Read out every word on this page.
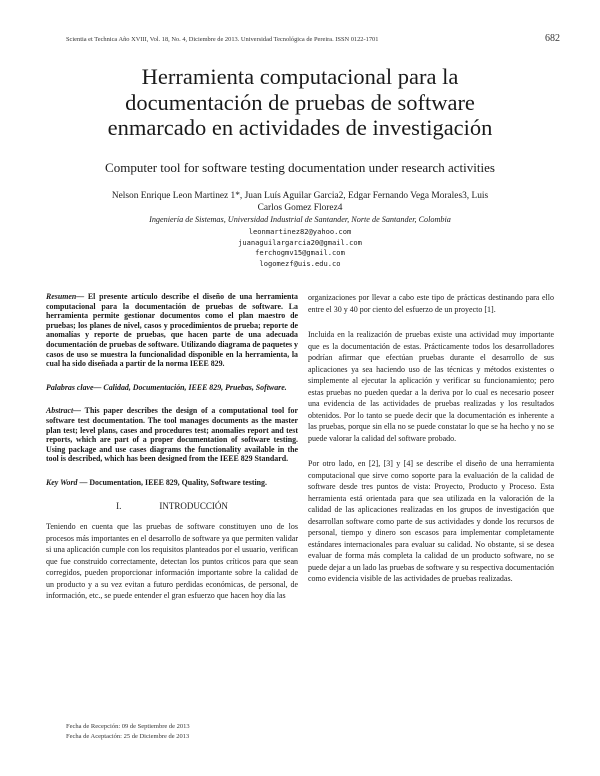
Scientia et Technica Año XVIII, Vol. 18, No. 4, Diciembre de 2013. Universidad Tecnológica de Pereira. ISSN 0122-1701	682
Herramienta computacional para la
documentación de pruebas de software
enmarcado en actividades de investigación
Computer tool for software testing documentation under research activities
Nelson Enrique Leon Martinez 1*, Juan Luís Aguilar Garcia2, Edgar Fernando Vega Morales3, Luis
Carlos Gomez Florez4
Ingeniería de Sistemas, Universidad Industrial de Santander, Norte de Santander, Colombia
leonmartinez82@yahoo.com
juanaguilargarcia20@gmail.com
ferchogmv15@gmail.com
logomezf@uis.edu.co

Resumen— El presente artículo describe el diseño de una herramienta computacional para la documentación de pruebas de software. La herramienta permite gestionar documentos como el plan maestro de pruebas; los planes de nivel, casos y procedimientos de prueba; reporte de anomalías y reporte de pruebas, que hacen parte de una adecuada documentación de pruebas de software. Utilizando diagrama de paquetes y casos de uso se muestra la funcionalidad disponible en la herramienta, la cual ha sido diseñada a partir de la norma IEEE 829.

Palabras clave— Calidad, Documentación, IEEE 829, Pruebas, Software.

Abstract— This paper describes the design of a computational tool for software test documentation. The tool manages documents as the master plan test; level plans, cases and procedures test; anomalies report and test reports, which are part of a proper documentation of software testing. Using package and use cases diagrams the functionality available in the tool is described, which has been designed from the IEEE 829 Standard.

Key Word — Documentation, IEEE 829, Quality, Software testing.

I.	INTRODUCCIÓN

Teniendo en cuenta que las pruebas de software constituyen uno de los procesos más importantes en el desarrollo de software ya que permiten validar si una aplicación cumple con los requisitos planteados por el usuario, verifican que fue construido correctamente, detectan los puntos críticos para que sean corregidos, pueden proporcionar información importante sobre la calidad de un producto y a su vez evitan a futuro perdidas económicas, de personal, de información, etc., se puede entender el gran esfuerzo que hacen hoy día las

organizaciones por llevar a cabo este tipo de prácticas destinando para ello entre el 30 y 40 por ciento del esfuerzo de un proyecto [1].

Incluida en la realización de pruebas existe una actividad muy importante que es la documentación de estas. Prácticamente todos los desarrolladores podrían afirmar que efectúan pruebas durante el desarrollo de sus aplicaciones ya sea haciendo uso de las técnicas y métodos existentes o simplemente al ejecutar la aplicación y verificar su funcionamiento; pero estas pruebas no pueden quedar a la deriva por lo cual es necesario poseer una evidencia de las actividades de pruebas realizadas y los resultados obtenidos. Por lo tanto se puede decir que la documentación es inherente a las pruebas, porque sin ella no se puede constatar lo que se ha hecho y no se puede valorar la calidad del software probado.

Por otro lado, en [2], [3] y [4] se describe el diseño de una herramienta computacional que sirve como soporte para la evaluación de la calidad de software desde tres puntos de vista: Proyecto, Producto y Proceso. Esta herramienta está orientada para que sea utilizada en la valoración de la calidad de las aplicaciones realizadas en los grupos de investigación que desarrollan software como parte de sus actividades y donde los recursos de personal, tiempo y dinero son escasos para implementar completamente estándares internacionales para evaluar su calidad. No obstante, si se desea evaluar de forma más completa la calidad de un producto software, no se puede dejar a un lado las pruebas de software y su respectiva documentación como evidencia visible de las actividades de pruebas realizadas.

Fecha de Recepción: 09 de Septiembre de 2013
Fecha de Aceptación: 25 de Diciembre de 2013
